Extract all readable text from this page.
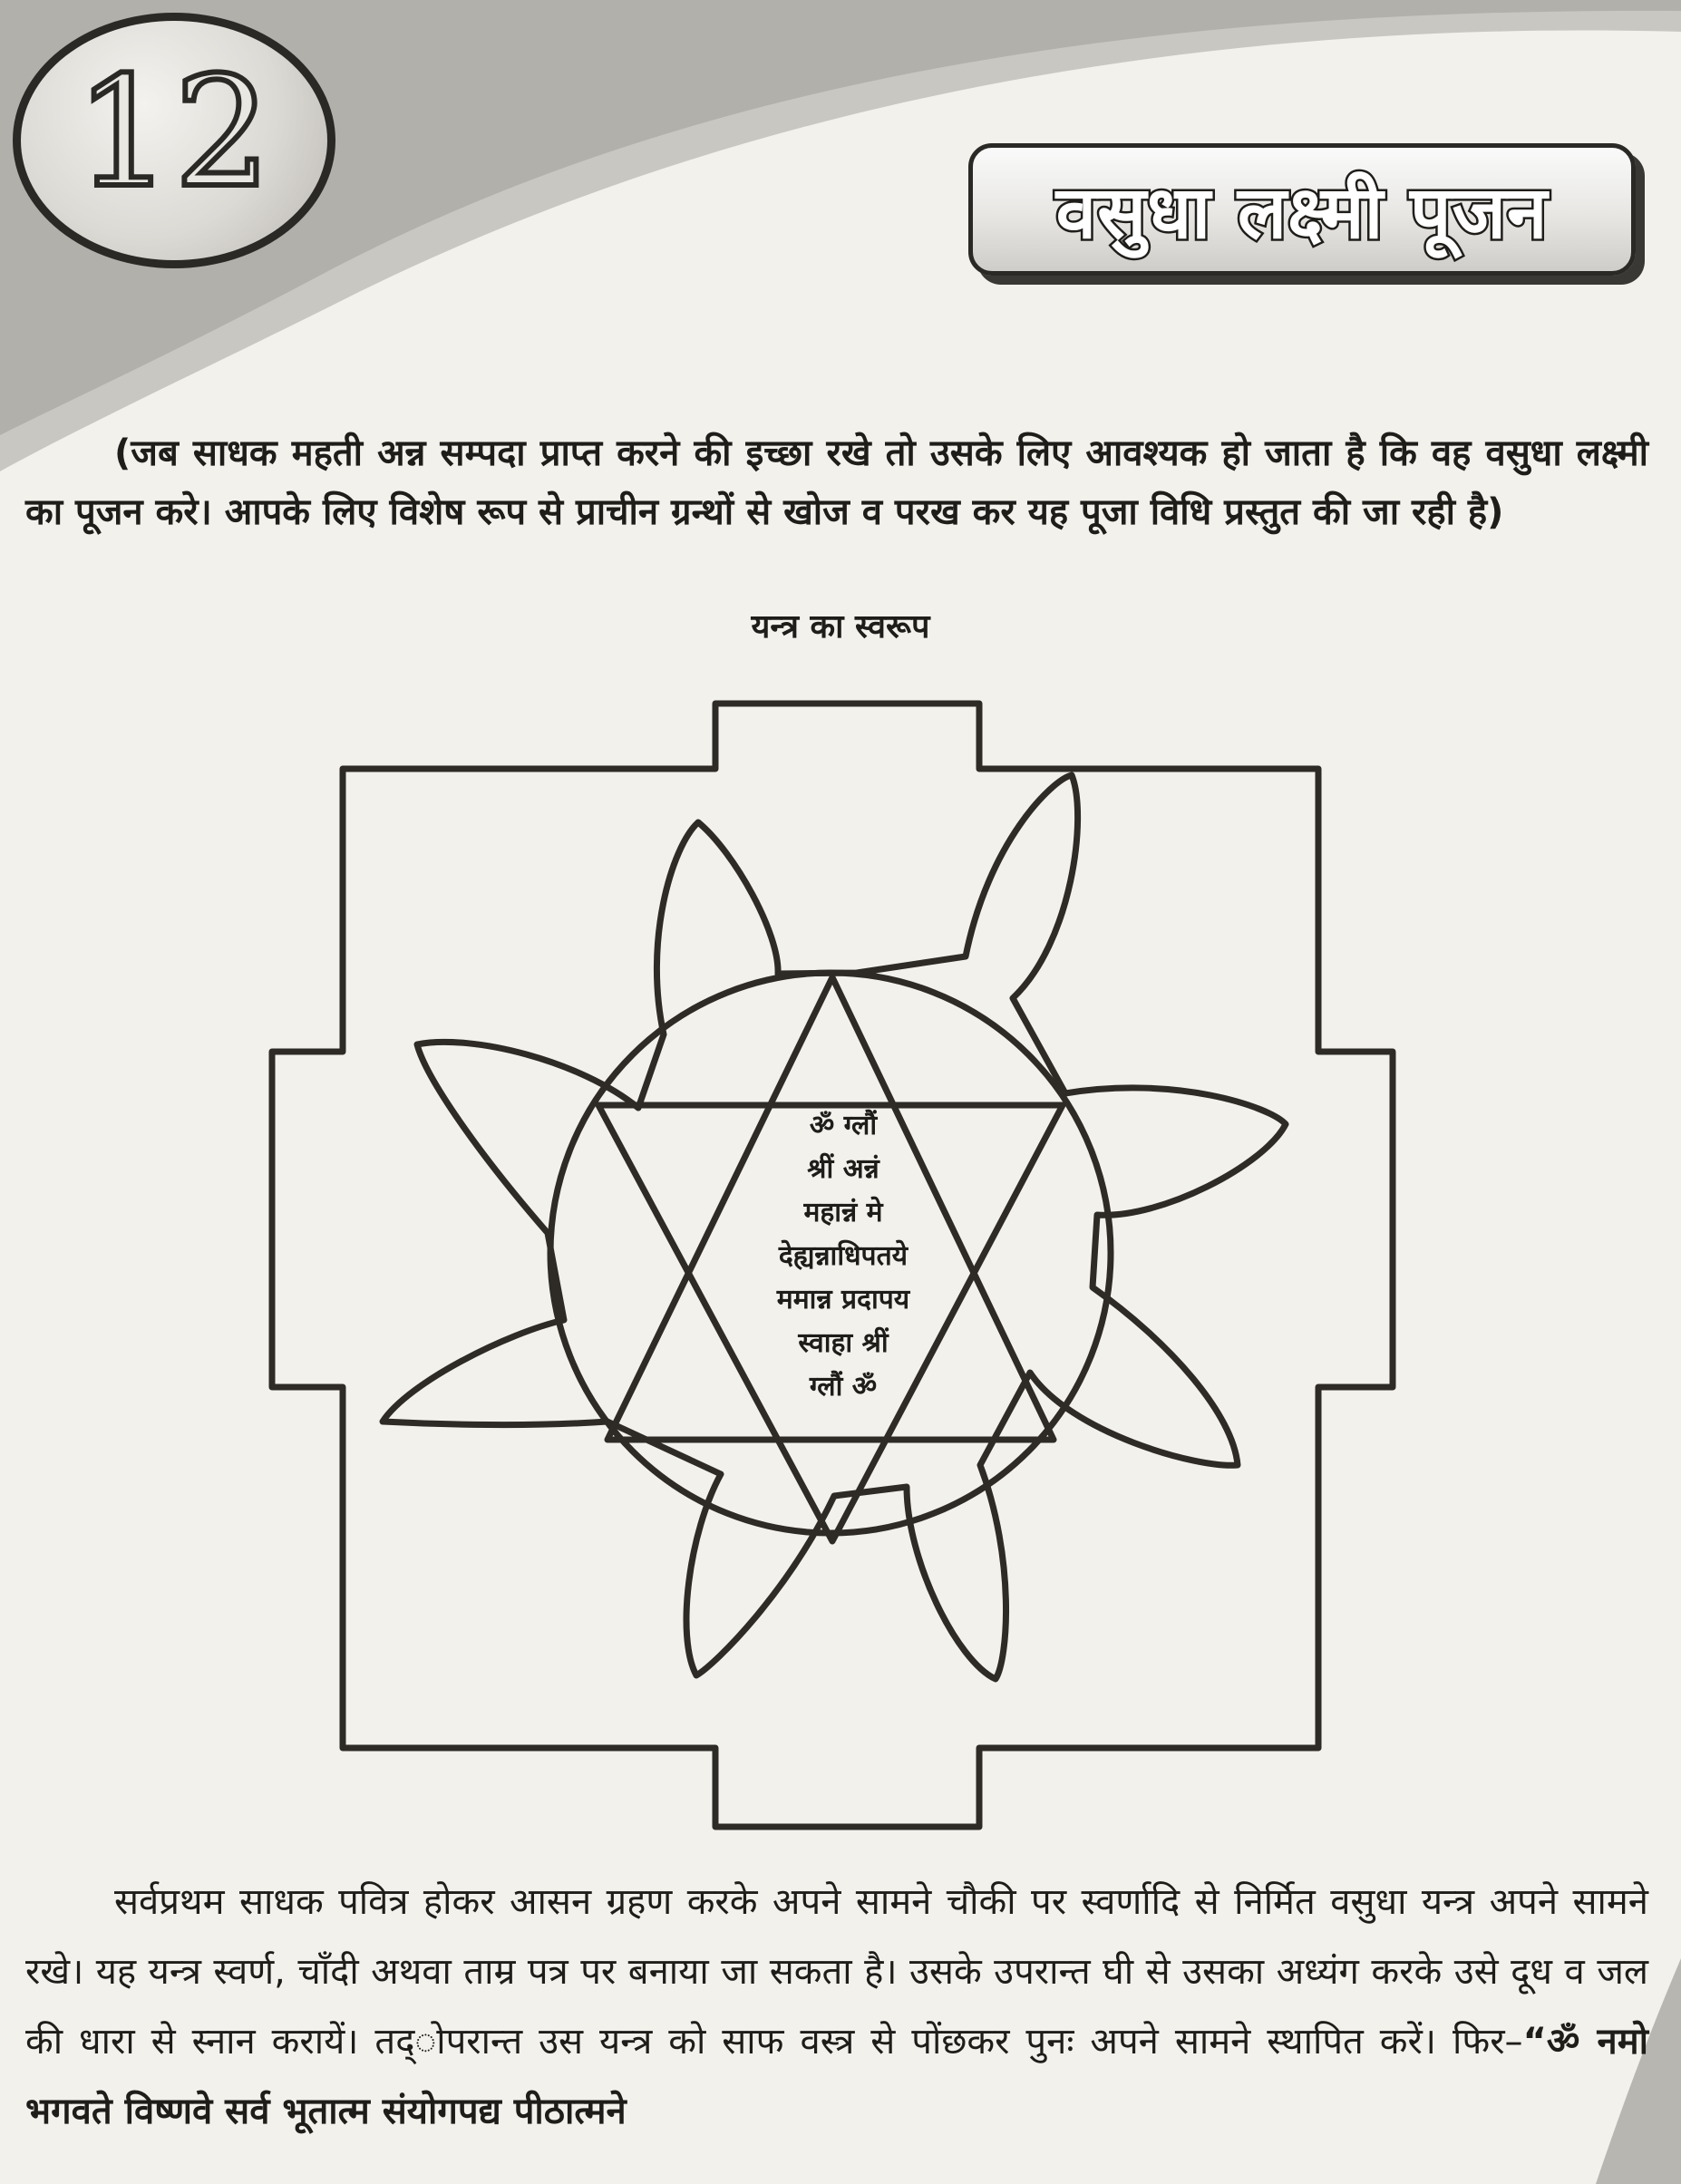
12	वसुधा लक्ष्मी पूजन

(जब साधक महती अन्न सम्पदा प्राप्त करने की इच्छा रखे तो उसके लिए आवश्यक हो जाता है कि वह वसुधा लक्ष्मी का पूजन करे। आपके लिए विशेष रूप से प्राचीन ग्रन्थों से खोज व परख कर यह पूजा विधि प्रस्तुत की जा रही है)

यन्त्र का स्वरूप

ॐ ग्लौं
श्रीं अन्नं
महान्नं मे
देह्यन्नाधिपतये
ममान्न प्रदापय
स्वाहा श्रीं
ग्लौं ॐ

सर्वप्रथम साधक पवित्र होकर आसन ग्रहण करके अपने सामने चौकी पर स्वर्णादि से निर्मित वसुधा यन्त्र अपने सामने रखे। यह यन्त्र स्वर्ण, चाँदी अथवा ताम्र पत्र पर बनाया जा सकता है। उसके उपरान्त घी से उसका अध्यंग करके उसे दूध व जल की धारा से स्नान करायें। तद्ोपरान्त उस यन्त्र को साफ वस्त्र से पोंछकर पुनः अपने सामने स्थापित करें। फिर–“ॐ नमो भगवते विष्णवे सर्व भूतात्म संयोगपद्य पीठात्मने
